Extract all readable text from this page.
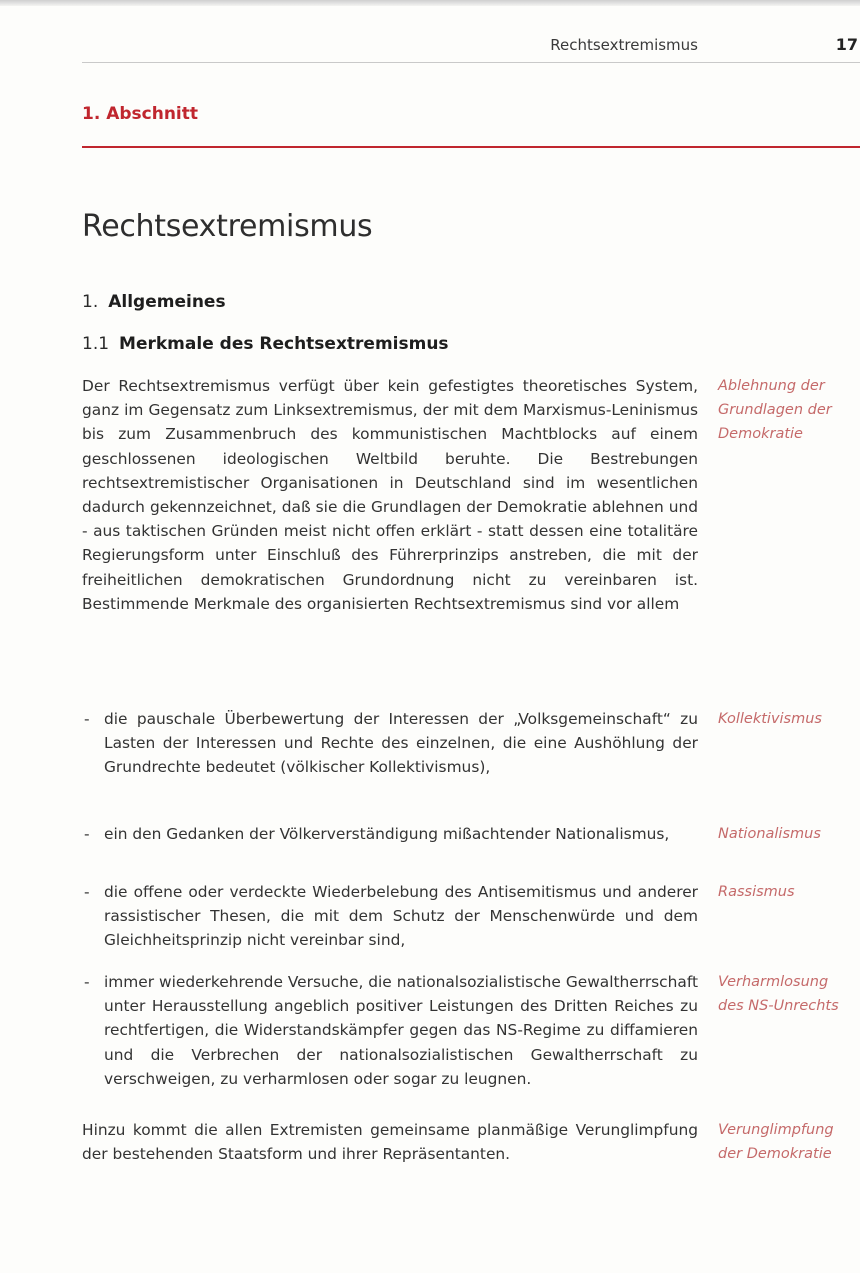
Rechtsextremismus	17
1. Abschnitt
Rechtsextremismus
1. Allgemeines
1.1 Merkmale des Rechtsextremismus

Der Rechtsextremismus verfügt über kein gefestigtes theoretisches System, ganz im Gegensatz zum Linksextremismus, der mit dem Marxismus-Leninismus bis zum Zusammenbruch des kommunistischen Machtblocks auf einem geschlossenen ideologischen Weltbild beruhte. Die Bestrebungen rechtsextremistischer Organisationen in Deutschland sind im wesentlichen dadurch gekennzeichnet, daß sie die Grundlagen der Demokratie ablehnen und - aus taktischen Gründen meist nicht offen erklärt - statt dessen eine totalitäre Regierungsform unter Einschluß des Führerprinzips anstreben, die mit der freiheitlichen demokratischen Grundordnung nicht zu vereinbaren ist. Bestimmende Merkmale des organisierten Rechtsextremismus sind vor allem

- die pauschale Überbewertung der Interessen der „Volksgemeinschaft“ zu Lasten der Interessen und Rechte des einzelnen, die eine Aushöhlung der Grundrechte bedeutet (völkischer Kollektivismus),
- ein den Gedanken der Völkerverständigung mißachtender Nationalismus,
- die offene oder verdeckte Wiederbelebung des Antisemitismus und anderer rassistischer Thesen, die mit dem Schutz der Menschenwürde und dem Gleichheitsprinzip nicht vereinbar sind,
- immer wiederkehrende Versuche, die nationalsozialistische Gewaltherrschaft unter Herausstellung angeblich positiver Leistungen des Dritten Reiches zu rechtfertigen, die Widerstandskämpfer gegen das NS-Regime zu diffamieren und die Verbrechen der nationalsozialistischen Gewaltherrschaft zu verschweigen, zu verharmlosen oder sogar zu leugnen.

Hinzu kommt die allen Extremisten gemeinsame planmäßige Verunglimpfung der bestehenden Staatsform und ihrer Repräsentanten.

Ablehnung der Grundlagen der Demokratie
Kollektivismus
Nationalismus
Rassismus
Verharmlosung des NS-Unrechts
Verunglimpfung der Demokratie
